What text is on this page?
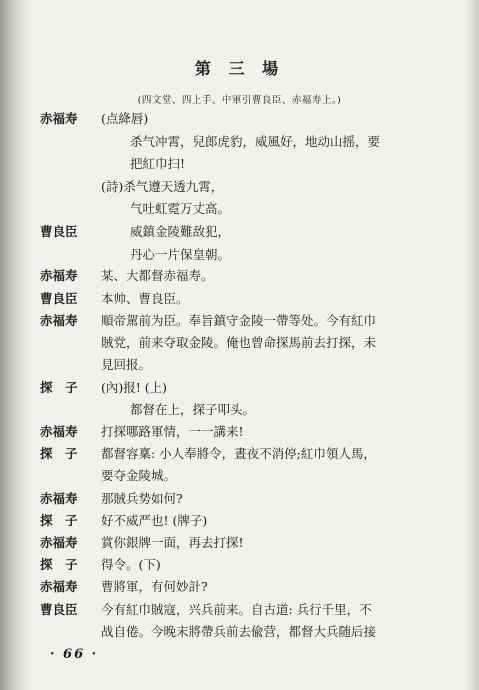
第 三 場
(四文堂、四上手、中軍引曹良臣、赤福寿上。)
赤福寿 (点絳唇)
杀气冲霄，兒郎虎豹，威風好，地动山摇，要
把紅巾扫!
(詩)杀气遵天透九霄，
气吐虹霓万丈高。
曹良臣	威鎮金陵難敌犯，
丹心一片保皇朝。
赤福寿 某、大都督赤福寿。
曹良臣 本帅、曹良臣。
赤福寿 順帝駕前为臣。奉旨鎮守金陵一帶等处。今有紅巾
賊党，前来夺取金陵。俺也曾命探馬前去打探，未
見回报。
探　子 (內)报! (上)
都督在上，探子叩头。
赤福寿 打探哪路軍情，一一講来!
探　子 都督容稟: 小人奉將令，晝夜不消停;紅巾領人馬，
要夺金陵城。
赤福寿 那賊兵势如何?
探　子 好不威严也! (牌子)
赤福寿 賞你銀牌一面，再去打探!
探　子 得令。(下)
赤福寿 曹將軍，有何妙計?
曹良臣 今有紅巾賊寇，兴兵前来。自古道: 兵行千里，不
战自倦。今晚末將帶兵前去偸营，都督大兵随后接
· 66 ·
